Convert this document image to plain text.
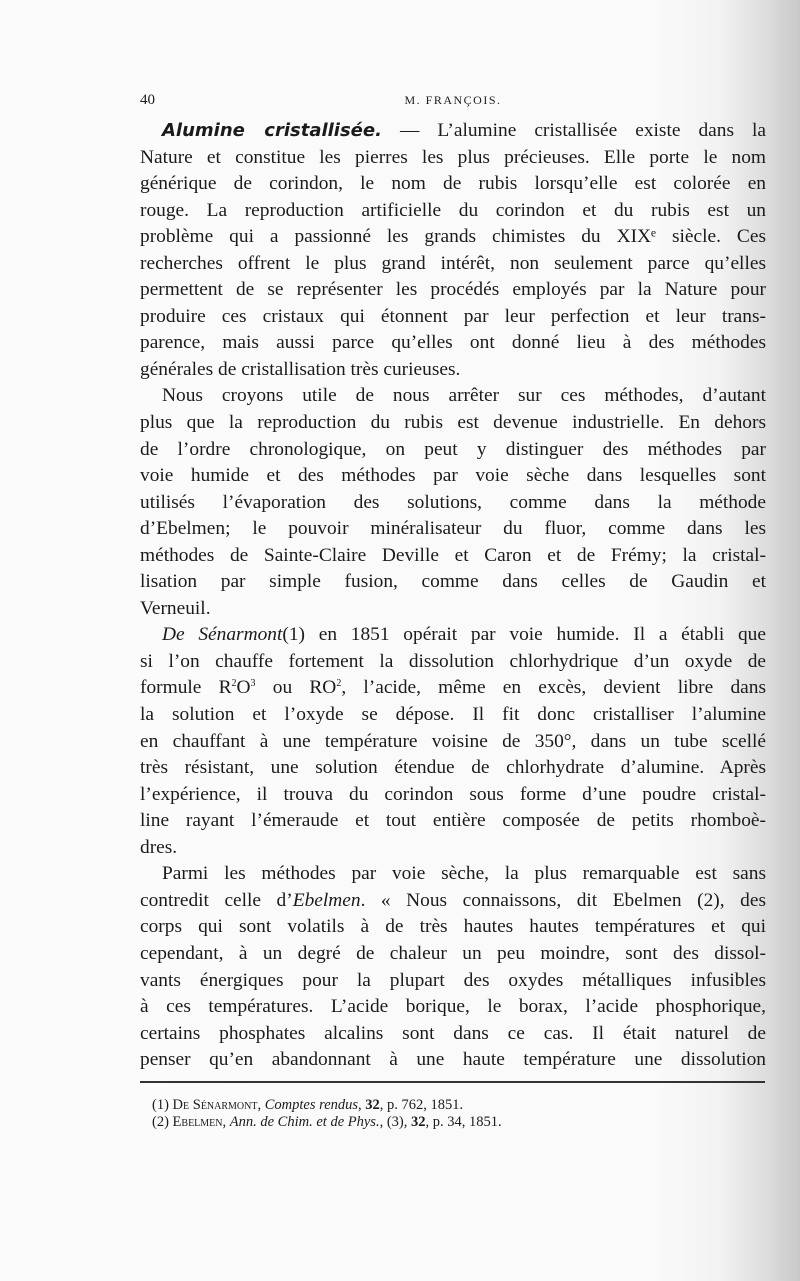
40	M. FRANÇOIS.
Alumine cristallisée. — L’alumine cristallisée existe dans la
Nature et constitue les pierres les plus précieuses. Elle porte le nom
générique de corindon, le nom de rubis lorsqu’elle est colorée en
rouge. La reproduction artificielle du corindon et du rubis est un
problème qui a passionné les grands chimistes du XIXᵉ siècle. Ces
recherches offrent le plus grand intérêt, non seulement parce qu’elles
permettent de se représenter les procédés employés par la Nature pour
produire ces cristaux qui étonnent par leur perfection et leur trans-
parence, mais aussi parce qu’elles ont donné lieu à des méthodes
générales de cristallisation très curieuses.
Nous croyons utile de nous arrêter sur ces méthodes, d’autant
plus que la reproduction du rubis est devenue industrielle. En dehors
de l’ordre chronologique, on peut y distinguer des méthodes par
voie humide et des méthodes par voie sèche dans lesquelles sont
utilisés l’évaporation des solutions, comme dans la méthode
d’Ebelmen; le pouvoir minéralisateur du fluor, comme dans les
méthodes de Sainte-Claire Deville et Caron et de Frémy; la cristal-
lisation par simple fusion, comme dans celles de Gaudin et
Verneuil.
De Sénarmont(1) en 1851 opérait par voie humide. Il a établi que
si l’on chauffe fortement la dissolution chlorhydrique d’un oxyde de
formule $R^2O^3$ ou $RO^2$, l’acide, même en excès, devient libre dans
la solution et l’oxyde se dépose. Il fit donc cristalliser l’alumine
en chauffant à une température voisine de 350°, dans un tube scellé
très résistant, une solution étendue de chlorhydrate d’alumine. Après
l’expérience, il trouva du corindon sous forme d’une poudre cristal-
line rayant l’émeraude et tout entière composée de petits rhomboè-
dres.
Parmi les méthodes par voie sèche, la plus remarquable est sans
contredit celle d’Ebelmen. « Nous connaissons, dit Ebelmen (2), des
corps qui sont volatils à de très hautes hautes températures et qui
cependant, à un degré de chaleur un peu moindre, sont des dissol-
vants énergiques pour la plupart des oxydes métalliques infusibles
à ces températures. L’acide borique, le borax, l’acide phosphorique,
certains phosphates alcalins sont dans ce cas. Il était naturel de
penser qu’en abandonnant à une haute température une dissolution
(1) De Sénarmont, Comptes rendus, 32, p. 762, 1851.
(2) Ebelmen, Ann. de Chim. et de Phys., (3), 32, p. 34, 1851.
